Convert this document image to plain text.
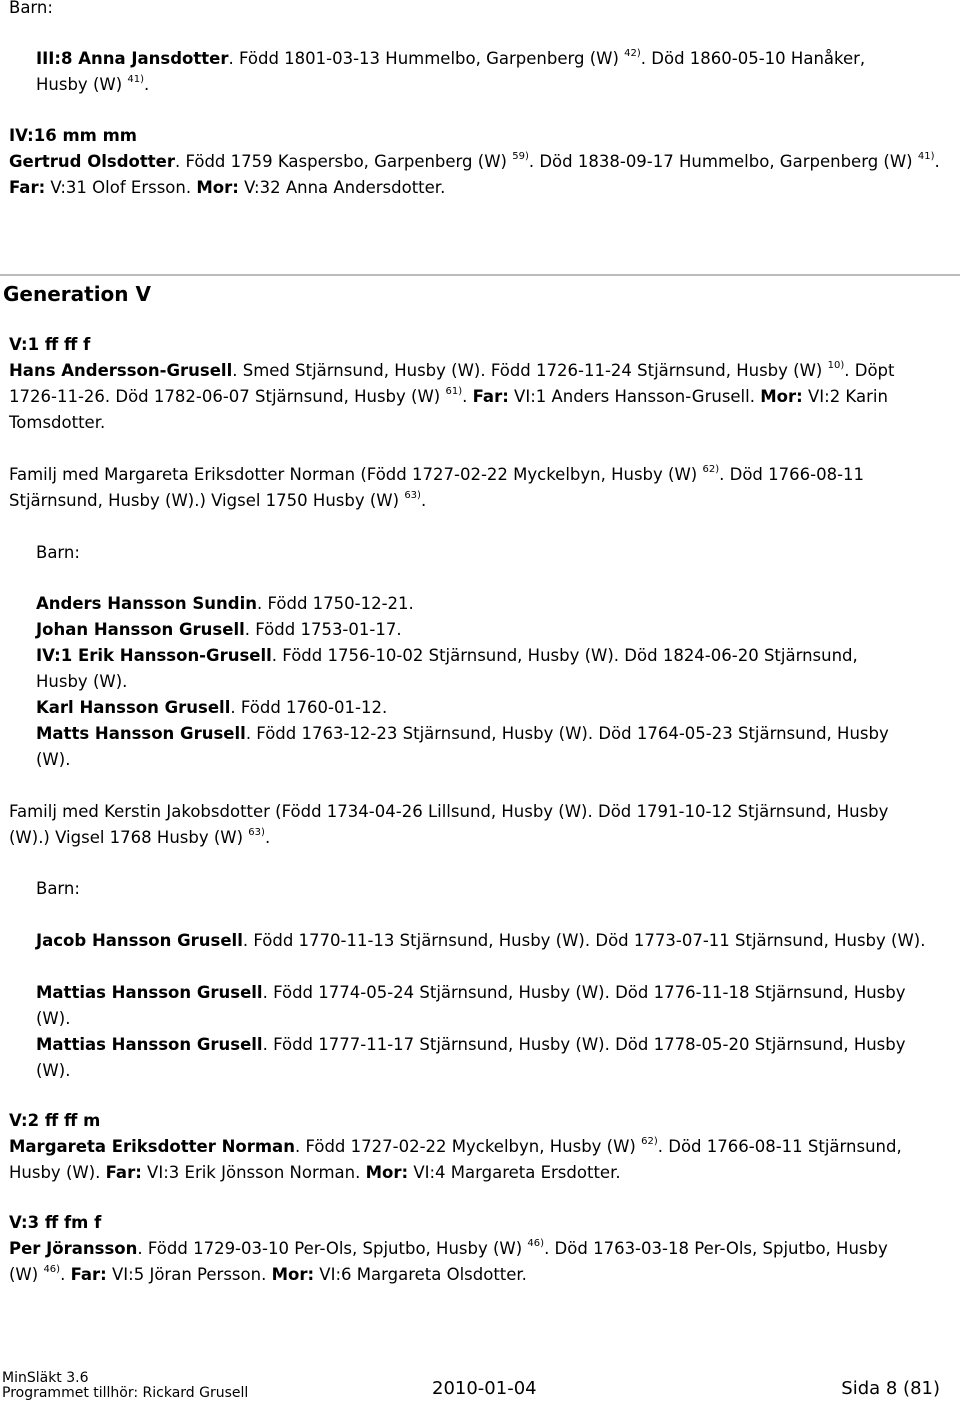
Barn:

III:8 Anna Jansdotter. Född 1801-03-13 Hummelbo, Garpenberg (W) $^{42)}$. Död 1860-05-10 Hanåker,
Husby (W) $^{41)}$.

IV:16 mm mm
Gertrud Olsdotter. Född 1759 Kaspersbo, Garpenberg (W) $^{59)}$. Död 1838-09-17 Hummelbo, Garpenberg (W) $^{41)}$.
Far: V:31 Olof Ersson. Mor: V:32 Anna Andersdotter.

Generation V

V:1 ff ff f
Hans Andersson-Grusell. Smed Stjärnsund, Husby (W). Född 1726-11-24 Stjärnsund, Husby (W) $^{10)}$. Döpt
1726-11-26. Död 1782-06-07 Stjärnsund, Husby (W) $^{61)}$. Far: VI:1 Anders Hansson-Grusell. Mor: VI:2 Karin
Tomsdotter.

Familj med Margareta Eriksdotter Norman (Född 1727-02-22 Myckelbyn, Husby (W) $^{62)}$. Död 1766-08-11
Stjärnsund, Husby (W).) Vigsel 1750 Husby (W) $^{63)}$.

Barn:

Anders Hansson Sundin. Född 1750-12-21.
Johan Hansson Grusell. Född 1753-01-17.
IV:1 Erik Hansson-Grusell. Född 1756-10-02 Stjärnsund, Husby (W). Död 1824-06-20 Stjärnsund,
Husby (W).
Karl Hansson Grusell. Född 1760-01-12.
Matts Hansson Grusell. Född 1763-12-23 Stjärnsund, Husby (W). Död 1764-05-23 Stjärnsund, Husby
(W).

Familj med Kerstin Jakobsdotter (Född 1734-04-26 Lillsund, Husby (W). Död 1791-10-12 Stjärnsund, Husby
(W).) Vigsel 1768 Husby (W) $^{63)}$.

Barn:

Jacob Hansson Grusell. Född 1770-11-13 Stjärnsund, Husby (W). Död 1773-07-11 Stjärnsund, Husby (W).

Mattias Hansson Grusell. Född 1774-05-24 Stjärnsund, Husby (W). Död 1776-11-18 Stjärnsund, Husby
(W).
Mattias Hansson Grusell. Född 1777-11-17 Stjärnsund, Husby (W). Död 1778-05-20 Stjärnsund, Husby
(W).

V:2 ff ff m
Margareta Eriksdotter Norman. Född 1727-02-22 Myckelbyn, Husby (W) $^{62)}$. Död 1766-08-11 Stjärnsund,
Husby (W). Far: VI:3 Erik Jönsson Norman. Mor: VI:4 Margareta Ersdotter.

V:3 ff fm f
Per Jöransson. Född 1729-03-10 Per-Ols, Spjutbo, Husby (W) $^{46)}$. Död 1763-03-18 Per-Ols, Spjutbo, Husby
(W) $^{46)}$. Far: VI:5 Jöran Persson. Mor: VI:6 Margareta Olsdotter.

MinSläkt 3.6
Programmet tillhör: Rickard Grusell	2010-01-04	Sida 8 (81)
